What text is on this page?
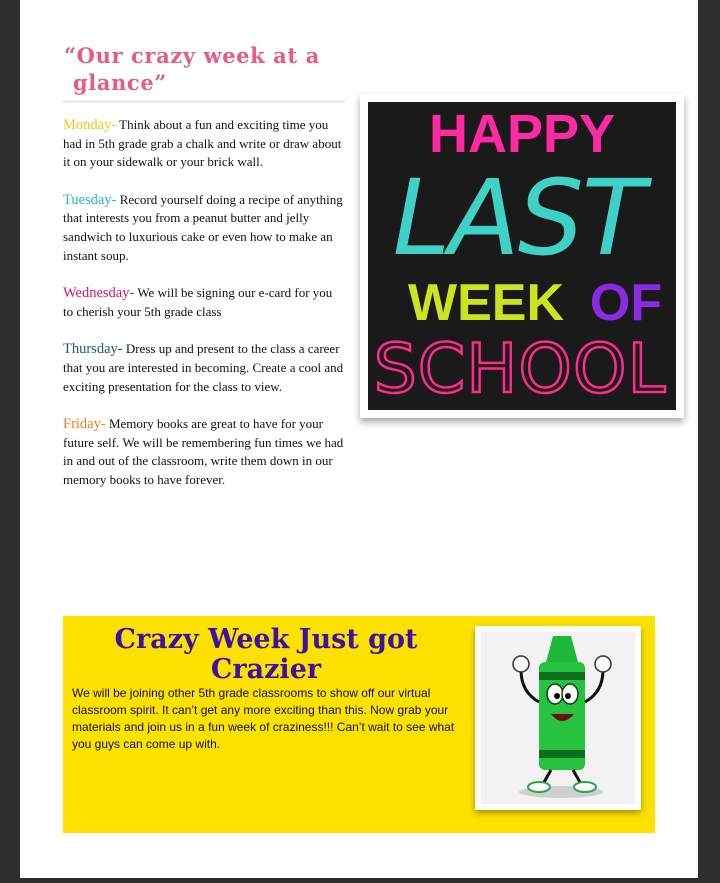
“Our crazy week at a
glance”

Monday- Think about a fun and exciting time you had in 5th grade grab a chalk and write or draw about it on your sidewalk or your brick wall.

Tuesday- Record yourself doing a recipe of anything that interests you from a peanut butter and jelly sandwich to luxurious cake or even how to make an instant soup.

Wednesday- We will be signing our e-card for you to cherish your 5th grade class

Thursday- Dress up and present to the class a career that you are interested in becoming. Create a cool and exciting presentation for the class to view.

Friday- Memory books are great to have for your future self. We will be remembering fun times we had in and out of the classroom, write them down in our memory books to have forever.

HAPPY
LAST
WEEK OF
SCHOOL
Crazy Week Just got
Crazier
We will be joining other 5th grade classrooms to show off our virtual classroom spirit. It can’t get any more exciting than this. Now grab your materials and join us in a fun week of craziness!!! Can’t wait to see what you guys can come up with.
